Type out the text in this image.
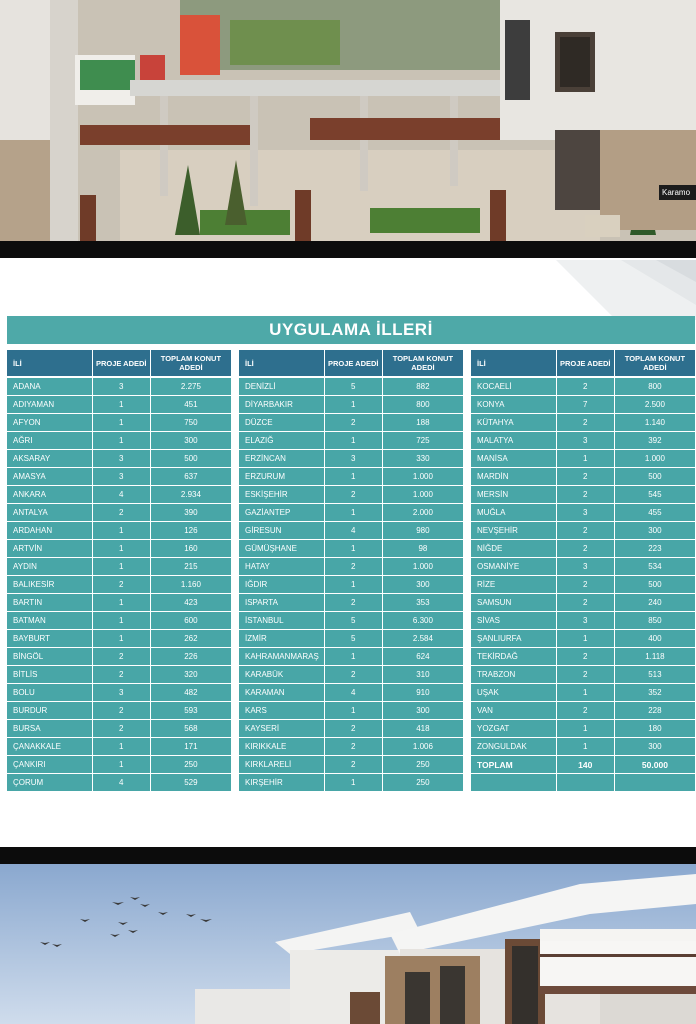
Karamo
UYGULAMA İLLERİ
İLİ	PROJE ADEDİ	TOPLAM KONUT ADEDİ
ADANA	3	2.275
ADIYAMAN	1	451
AFYON	1	750
AĞRI	1	300
AKSARAY	3	500
AMASYA	3	637
ANKARA	4	2.934
ANTALYA	2	390
ARDAHAN	1	126
ARTVİN	1	160
AYDIN	1	215
BALIKESİR	2	1.160
BARTIN	1	423
BATMAN	1	600
BAYBURT	1	262
BİNGÖL	2	226
BİTLİS	2	320
BOLU	3	482
BURDUR	2	593
BURSA	2	568
ÇANAKKALE	1	171
ÇANKIRI	1	250
ÇORUM	4	529
İLİ	PROJE ADEDİ	TOPLAM KONUT ADEDİ
DENİZLİ	5	882
DİYARBAKIR	1	800
DÜZCE	2	188
ELAZIĞ	1	725
ERZİNCAN	3	330
ERZURUM	1	1.000
ESKİŞEHİR	2	1.000
GAZİANTEP	1	2.000
GİRESUN	4	980
GÜMÜŞHANE	1	98
HATAY	2	1.000
IĞDIR	1	300
ISPARTA	2	353
İSTANBUL	5	6.300
İZMİR	5	2.584
KAHRAMANMARAŞ	1	624
KARABÜK	2	310
KARAMAN	4	910
KARS	1	300
KAYSERİ	2	418
KIRIKKALE	2	1.006
KIRKLARELİ	2	250
KIRŞEHİR	1	250
İLİ	PROJE ADEDİ	TOPLAM KONUT ADEDİ
KOCAELİ	2	800
KONYA	7	2.500
KÜTAHYA	2	1.140
MALATYA	3	392
MANİSA	1	1.000
MARDİN	2	500
MERSİN	2	545
MUĞLA	3	455
NEVŞEHİR	2	300
NİĞDE	2	223
OSMANİYE	3	534
RİZE	2	500
SAMSUN	2	240
SİVAS	3	850
ŞANLIURFA	1	400
TEKİRDAĞ	2	1.118
TRABZON	2	513
UŞAK	1	352
VAN	2	228
YOZGAT	1	180
ZONGULDAK	1	300
TOPLAM	140	50.000
